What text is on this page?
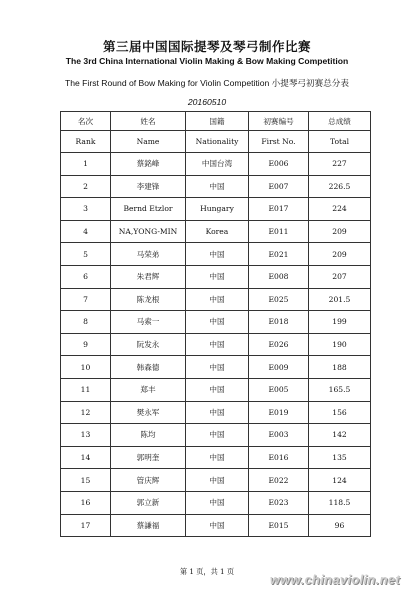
第三届中国国际提琴及琴弓制作比赛
The 3rd China International Violin Making & Bow Making Competition
The First Round of Bow Making for Violin Competition 小提琴弓初赛总分表
20160510
名次	姓名	国籍	初赛编号	总成绩
Rank	Name	Nationality	First No.	Total
1	蔡銘峰	中国台湾	E006	227
2	李建锋	中国	E007	226.5
3	Bernd Etzlor	Hungary	E017	224
4	NA,YONG-MIN	Korea	E011	209
5	马荣弟	中国	E021	209
6	朱君辉	中国	E008	207
7	陈龙根	中国	E025	201.5
8	马索一	中国	E018	199
9	阮发永	中国	E026	190
10	韩森德	中国	E009	188
11	郑丰	中国	E005	165.5
12	樊永军	中国	E019	156
13	陈均	中国	E003	142
14	郭明奎	中国	E016	135
15	管庆辉	中国	E022	124
16	郭立新	中国	E023	118.5
17	蔡謙福	中国	E015	96
第 1 页，共 1 页
www.chinaviolin.net
